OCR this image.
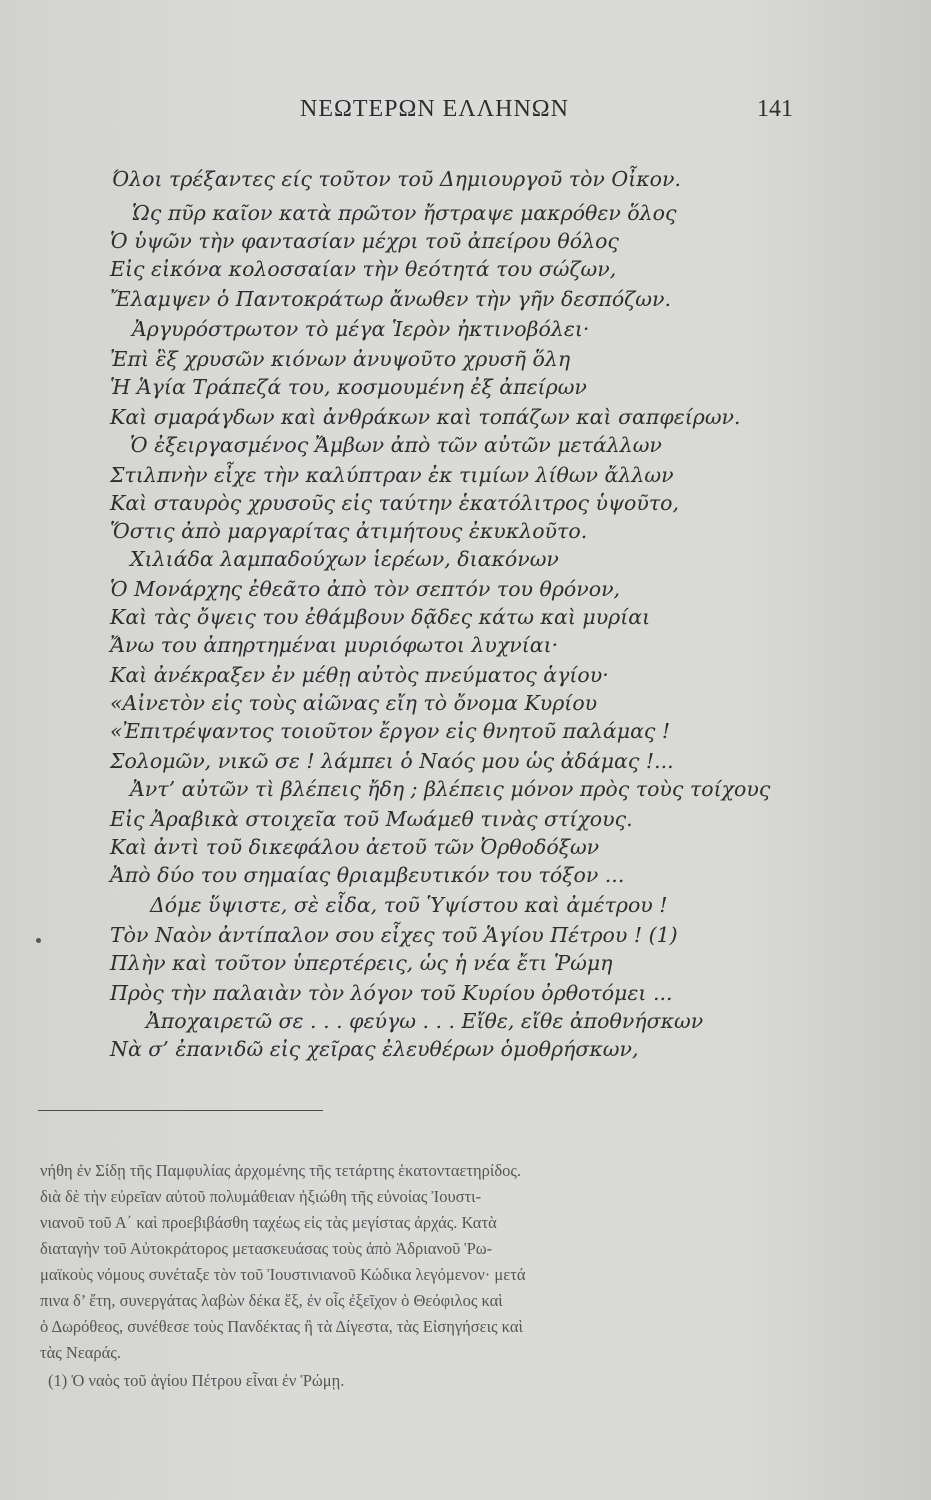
ΝΕΩΤΕΡΩΝ ΕΛΛΗΝΩΝ	141
Όλοι τρέξαντες είς τοῦτον τοῦ Δημιουργοῦ τὸν Οἶκον.
Ὡς πῦρ καῖον κατὰ πρῶτον ἤστραψε μακρόθεν ὅλος
Ὁ ὑψῶν τὴν φαντασίαν μέχρι τοῦ ἀπείρου θόλος
Εἰς εἰκόνα κολοσσαίαν τὴν θεότητά του σώζων,
Ἔλαμψεν ὁ Παντοκράτωρ ἄνωθεν τὴν γῆν δεσπόζων.
Ἀργυρόστρωτον τὸ μέγα Ἱερὸν ἠκτινοβόλει·
Ἐπὶ ἓξ χρυσῶν κιόνων ἀνυψοῦτο χρυσῆ ὅλη
Ἡ Ἁγία Τράπεζά του, κοσμουμένη ἐξ ἀπείρων
Καὶ σμαράγδων καὶ ἀνθράκων καὶ τοπάζων καὶ σαπφείρων.
Ὁ ἐξειργασμένος Ἄμβων ἀπὸ τῶν αὐτῶν μετάλλων
Στιλπνὴν εἶχε τὴν καλύπτραν ἐκ τιμίων λίθων ἄλλων
Καὶ σταυρὸς χρυσοῦς εἰς ταύτην ἑκατόλιτρος ὑψοῦτο,
Ὅστις ἀπὸ μαργαρίτας ἀτιμήτους ἐκυκλοῦτο.
Χιλιάδα λαμπαδούχων ἱερέων, διακόνων
Ὁ Μονάρχης ἐθεᾶτο ἀπὸ τὸν σεπτόν του θρόνον,
Καὶ τὰς ὄψεις του ἐθάμβουν δᾷδες κάτω καὶ μυρίαι
Ἄνω του ἀπηρτημέναι μυριόφωτοι λυχνίαι·
Καὶ ἀνέκραξεν ἐν μέθῃ αὐτὸς πνεύματος ἁγίου·
«Αἰνετὸν εἰς τοὺς αἰῶνας εἴη τὸ ὄνομα Κυρίου
«Ἐπιτρέψαντος τοιοῦτον ἔργον εἰς θνητοῦ παλάμας !
Σολομῶν, νικῶ σε ! λάμπει ὁ Ναός μου ὡς ἀδάμας !...
Ἀντ’ αὐτῶν τὶ βλέπεις ἤδη ; βλέπεις μόνον πρὸς τοὺς τοίχους
Εἰς Ἀραβικὰ στοιχεῖα τοῦ Μωάμεθ τινὰς στίχους.
Καὶ ἀντὶ τοῦ δικεφάλου ἀετοῦ τῶν Ὀρθοδόξων
Ἀπὸ δύο του σημαίας θριαμβευτικόν του τόξον ...
Δόμε ὕψιστε, σὲ εἶδα, τοῦ Ὑψίστου καὶ ἀμέτρου !
Τὸν Ναὸν ἀντίπαλον σου εἶχες τοῦ Ἁγίου Πέτρου ! (1)
Πλὴν καὶ τοῦτον ὑπερτέρεις, ὡς ἡ νέα ἔτι Ῥώμη
Πρὸς τὴν παλαιὰν τὸν λόγον τοῦ Κυρίου ὀρθοτόμει ...
Ἀποχαιρετῶ σε . . . φεύγω . . . Εἴθε, εἴθε ἀποθνήσκων
Νὰ σ’ ἐπανιδῶ εἰς χεῖρας ἐλευθέρων ὁμοθρήσκων,
νήθη ἐν Σίδῃ τῆς Παμφυλίας ἀρχομένης τῆς τετάρτης ἑκατονταετηρίδος.
διὰ δὲ τὴν εὐρεῖαν αὐτοῦ πολυμάθειαν ἠξιώθη τῆς εὐνοίας Ἰουστι-
νιανοῦ τοῦ Α΄ καὶ προεβιβάσθη ταχέως εἰς τὰς μεγίστας ἀρχάς. Κατὰ
διαταγὴν τοῦ Αὐτοκράτορος μετασκευάσας τοὺς ἀπὸ Ἀδριανοῦ Ῥω-
μαϊκοὺς νόμους συνέταξε τὸν τοῦ Ἰουστινιανοῦ Κώδικα λεγόμενον· μετά
πινα δ’ ἔτη, συνεργάτας λαβὼν δέκα ἕξ, ἐν οἷς ἐξεῖχον ὁ Θεόφιλος καὶ
ὁ Δωρόθεος, συνέθεσε τοὺς Πανδέκτας ἢ τὰ Δίγεστα, τὰς Εἰσηγήσεις καὶ
τὰς Νεαράς.
(1) Ὁ ναὸς τοῦ ἁγίου Πέτρου εἶναι ἐν Ῥώμῃ.
